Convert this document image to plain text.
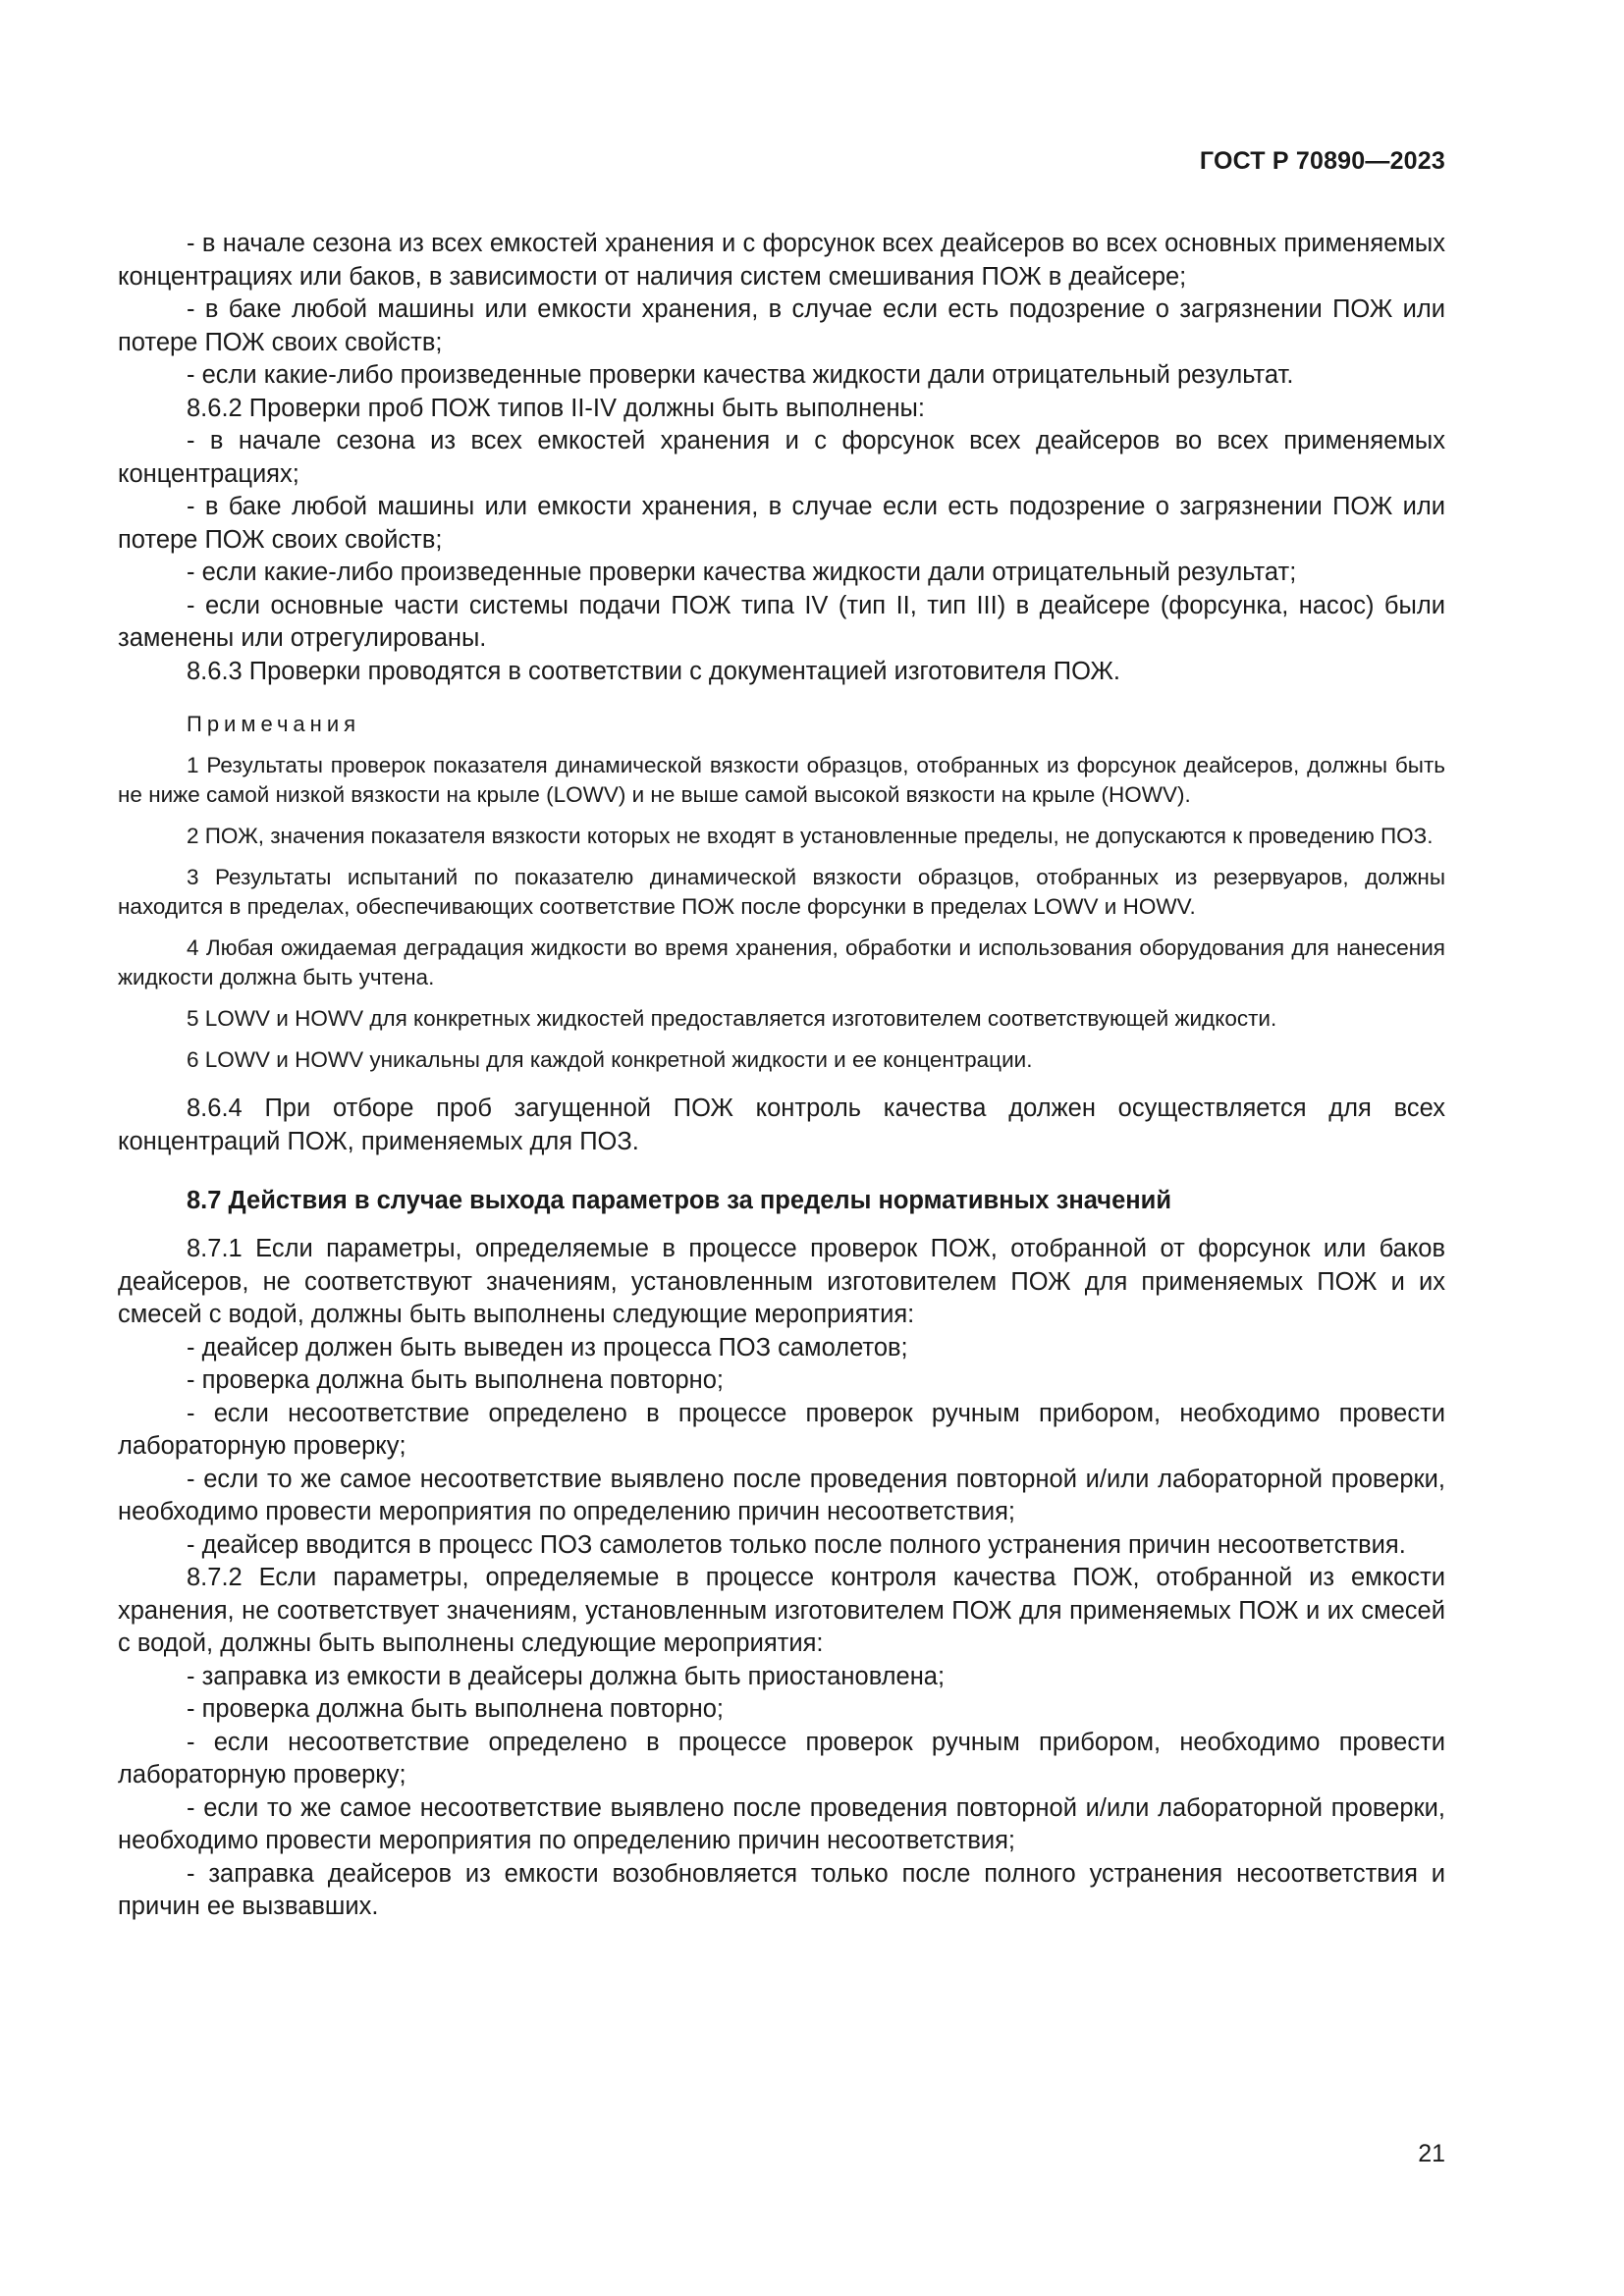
ГОСТ Р 70890—2023

- в начале сезона из всех емкостей хранения и с форсунок всех деайсеров во всех основных применяемых концентрациях или баков, в зависимости от наличия систем смешивания ПОЖ в деайсере;

- в баке любой машины или емкости хранения, в случае если есть подозрение о загрязнении ПОЖ или потере ПОЖ своих свойств;

- если какие-либо произведенные проверки качества жидкости дали отрицательный результат.

8.6.2 Проверки проб ПОЖ типов II-IV должны быть выполнены:

- в начале сезона из всех емкостей хранения и с форсунок всех деайсеров во всех применяемых концентрациях;

- в баке любой машины или емкости хранения, в случае если есть подозрение о загрязнении ПОЖ или потере ПОЖ своих свойств;

- если какие-либо произведенные проверки качества жидкости дали отрицательный результат;

- если основные части системы подачи ПОЖ типа IV (тип II, тип III) в деайсере (форсунка, насос) были заменены или отрегулированы.

8.6.3 Проверки проводятся в соответствии с документацией изготовителя ПОЖ.

Примечания

1 Результаты проверок показателя динамической вязкости образцов, отобранных из форсунок деайсеров, должны быть не ниже самой низкой вязкости на крыле (LOWV) и не выше самой высокой вязкости на крыле (HOWV).

2 ПОЖ, значения показателя вязкости которых не входят в установленные пределы, не допускаются к проведению ПОЗ.

3 Результаты испытаний по показателю динамической вязкости образцов, отобранных из резервуаров, должны находится в пределах, обеспечивающих соответствие ПОЖ после форсунки в пределах LOWV и HOWV.

4 Любая ожидаемая деградация жидкости во время хранения, обработки и использования оборудования для нанесения жидкости должна быть учтена.

5 LOWV и HOWV для конкретных жидкостей предоставляется изготовителем соответствующей жидкости.

6 LOWV и HOWV уникальны для каждой конкретной жидкости и ее концентрации.

8.6.4 При отборе проб загущенной ПОЖ контроль качества должен осуществляется для всех концентраций ПОЖ, применяемых для ПОЗ.

8.7 Действия в случае выхода параметров за пределы нормативных значений

8.7.1 Если параметры, определяемые в процессе проверок ПОЖ, отобранной от форсунок или баков деайсеров, не соответствуют значениям, установленным изготовителем ПОЖ для применяемых ПОЖ и их смесей с водой, должны быть выполнены следующие мероприятия:

- деайсер должен быть выведен из процесса ПОЗ самолетов;

- проверка должна быть выполнена повторно;

- если несоответствие определено в процессе проверок ручным прибором, необходимо провести лабораторную проверку;

- если то же самое несоответствие выявлено после проведения повторной и/или лабораторной проверки, необходимо провести мероприятия по определению причин несоответствия;

- деайсер вводится в процесс ПОЗ самолетов только после полного устранения причин несоответствия.

8.7.2 Если параметры, определяемые в процессе контроля качества ПОЖ, отобранной из емкости хранения, не соответствует значениям, установленным изготовителем ПОЖ для применяемых ПОЖ и их смесей с водой, должны быть выполнены следующие мероприятия:

- заправка из емкости в деайсеры должна быть приостановлена;

- проверка должна быть выполнена повторно;

- если несоответствие определено в процессе проверок ручным прибором, необходимо провести лабораторную проверку;

- если то же самое несоответствие выявлено после проведения повторной и/или лабораторной проверки, необходимо провести мероприятия по определению причин несоответствия;

- заправка деайсеров из емкости возобновляется только после полного устранения несоответствия и причин ее вызвавших.

21
